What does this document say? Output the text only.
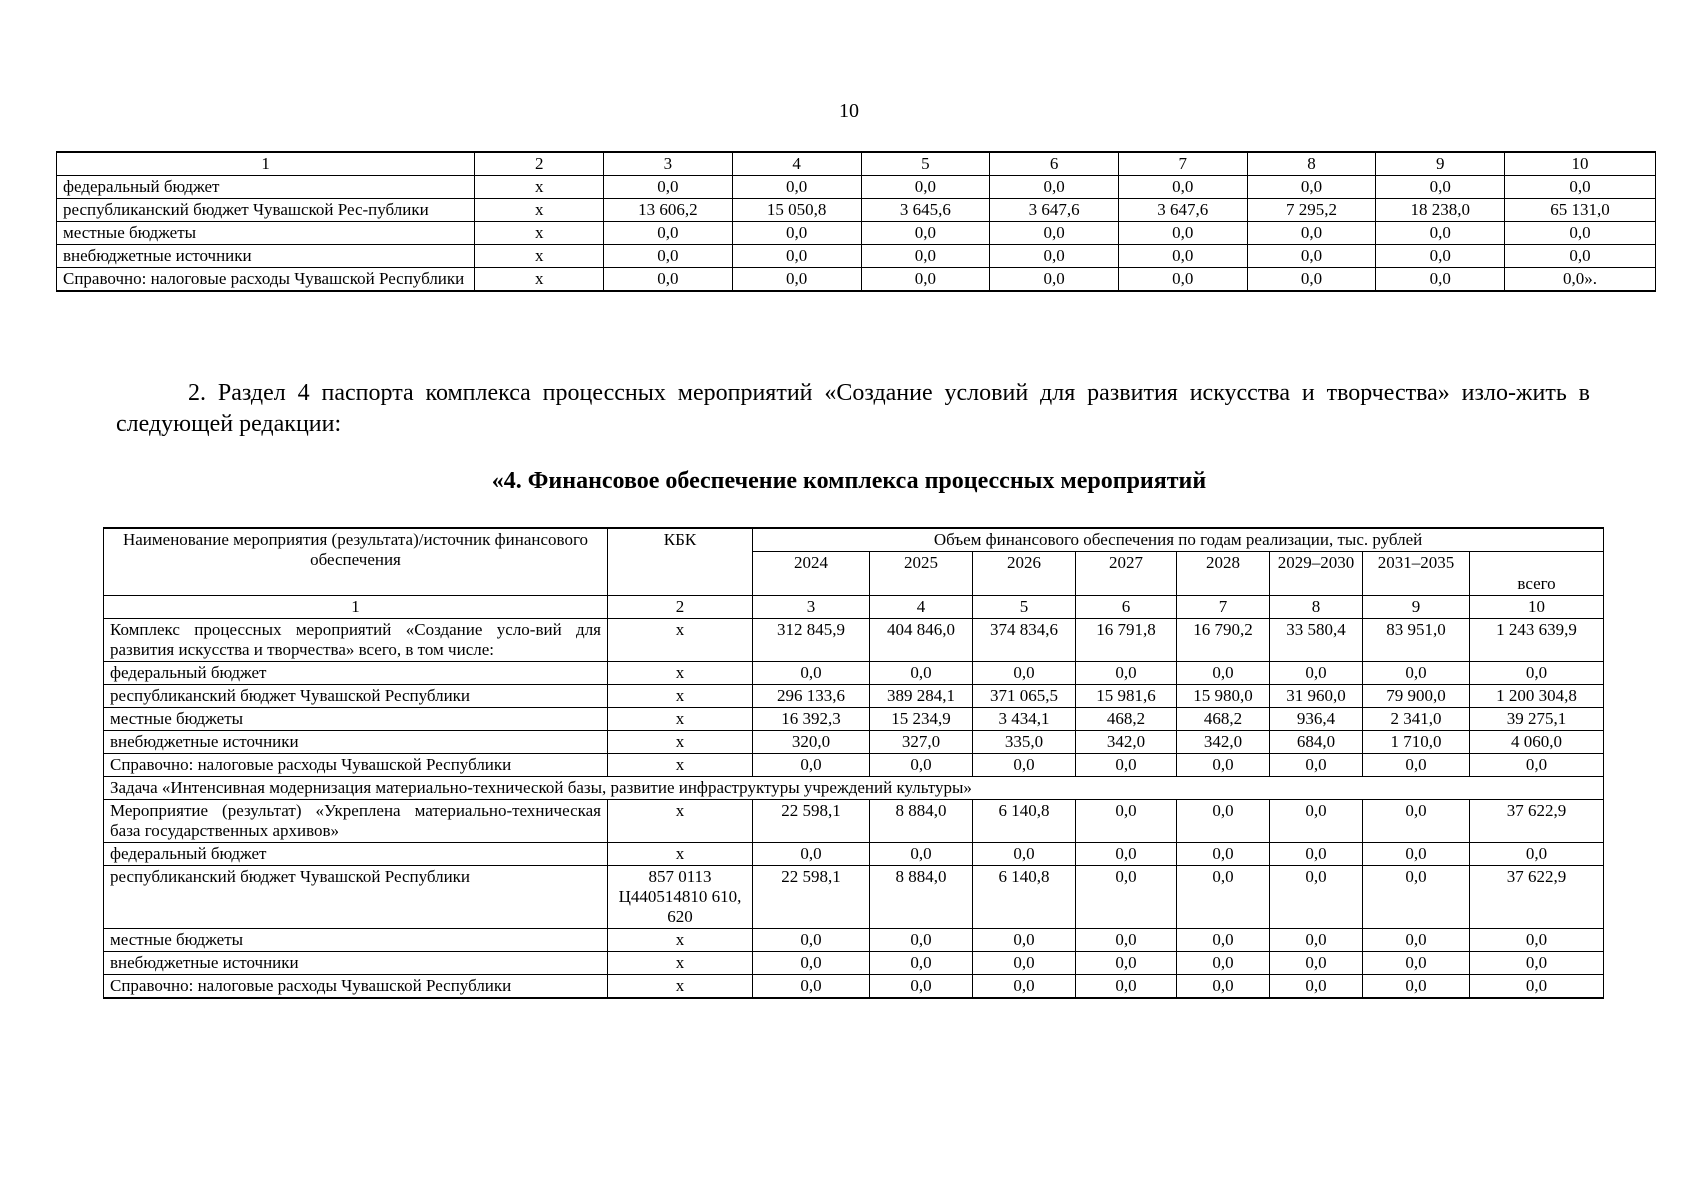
10
1	2	3	4	5	6	7	8	9	10
федеральный бюджет	x	0,0	0,0	0,0	0,0	0,0	0,0	0,0	0,0
республиканский бюджет Чувашской Рес-публики	x	13 606,2	15 050,8	3 645,6	3 647,6	3 647,6	7 295,2	18 238,0	65 131,0
местные бюджеты	x	0,0	0,0	0,0	0,0	0,0	0,0	0,0	0,0
внебюджетные источники	x	0,0	0,0	0,0	0,0	0,0	0,0	0,0	0,0
Справочно: налоговые расходы Чувашской Республики	x	0,0	0,0	0,0	0,0	0,0	0,0	0,0	0,0».
2. Раздел 4 паспорта комплекса процессных мероприятий «Создание условий для развития искусства и творчества» изло-жить в следующей редакции:
«4. Финансовое обеспечение комплекса процессных мероприятий
Наименование мероприятия (результата)/источник финансового обеспечения	КБК	Объем финансового обеспечения по годам реализации, тыс. рублей							
		2024	2025	2026	2027	2028	2029–2030	2031–2035	всего
1	2	3	4	5	6	7	8	9	10
Комплекс процессных мероприятий «Создание усло-вий для развития искусства и творчества» всего, в том числе:	x	312 845,9	404 846,0	374 834,6	16 791,8	16 790,2	33 580,4	83 951,0	1 243 639,9
федеральный бюджет	x	0,0	0,0	0,0	0,0	0,0	0,0	0,0	0,0
республиканский бюджет Чувашской Республики	x	296 133,6	389 284,1	371 065,5	15 981,6	15 980,0	31 960,0	79 900,0	1 200 304,8
местные бюджеты	x	16 392,3	15 234,9	3 434,1	468,2	468,2	936,4	2 341,0	39 275,1
внебюджетные источники	x	320,0	327,0	335,0	342,0	342,0	684,0	1 710,0	4 060,0
Справочно: налоговые расходы Чувашской Республики	x	0,0	0,0	0,0	0,0	0,0	0,0	0,0	0,0
Задача «Интенсивная модернизация материально-технической базы, развитие инфраструктуры учреждений культуры»									
Мероприятие (результат) «Укреплена материально-техническая база государственных архивов»	x	22 598,1	8 884,0	6 140,8	0,0	0,0	0,0	0,0	37 622,9
федеральный бюджет	x	0,0	0,0	0,0	0,0	0,0	0,0	0,0	0,0
республиканский бюджет Чувашской Республики	857 0113 Ц440514810 610, 620	22 598,1	8 884,0	6 140,8	0,0	0,0	0,0	0,0	37 622,9
местные бюджеты	x	0,0	0,0	0,0	0,0	0,0	0,0	0,0	0,0
внебюджетные источники	x	0,0	0,0	0,0	0,0	0,0	0,0	0,0	0,0
Справочно: налоговые расходы Чувашской Республики	x	0,0	0,0	0,0	0,0	0,0	0,0	0,0	0,0
